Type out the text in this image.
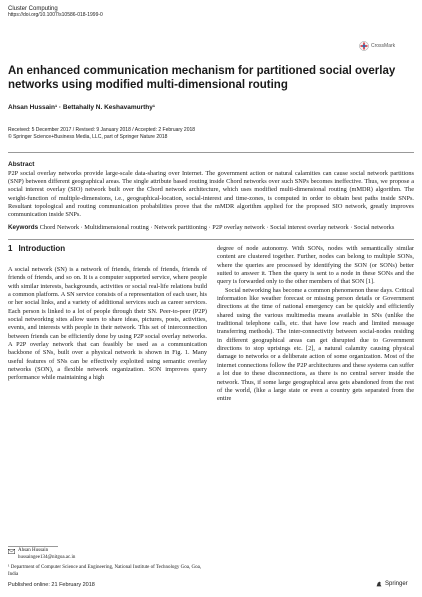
Cluster Computing
https://doi.org/10.1007/s10586-018-1999-0
CrossMark
An enhanced communication mechanism for partitioned social overlay networks using modified multi-dimensional routing
Ahsan Hussain¹ · Bettahally N. Keshavamurthy¹
Received: 5 December 2017 / Revised: 9 January 2018 / Accepted: 2 February 2018
© Springer Science+Business Media, LLC, part of Springer Nature 2018
Abstract
P2P social overlay networks provide large-scale data-sharing over Internet. The government action or natural calamities can cause social network partitions (SNP) between different geographical areas. The single attribute based routing inside Chord networks over such SNPs becomes ineffective. Thus, we propose a social interest overlay (SIO) network built over the Chord network architecture, which uses modified multi-dimensional routing (mMDR) algorithm. The weight-function of multiple-dimensions, i.e., geographical-location, social-interest and time-zones, is computed in order to obtain best paths inside SNPs. Resultant topological and routing communication probabilities prove that the mMDR algorithm applied for the proposed SIO network, greatly improves communication inside SNPs.
Keywords Chord Network · Multidimensional routing · Network partitioning · P2P overlay network · Social interest overlay network · Social networks
1 Introduction

A social network (SN) is a network of friends, friends of friends, friends of friends of friends, and so on. It is a computer supported service, where people with similar interests, backgrounds, activities or social real-life relations build a common platform. A SN service consists of a representation of each user, his or her social links, and a variety of additional services such as career services. Each person is linked to a lot of people through their SN. Peer-to-peer (P2P) social networking sites allow users to share ideas, pictures, posts, activities, events, and interests with people in their network. This set of interconnection between friends can be efficiently done by using P2P social overlay networks. A P2P overlay network that can feasibly be used as a communication backbone of SNs, built over a physical network is shown in Fig. 1. Many useful features of SNs can be effectively exploited using semantic overlay networks (SON), a flexible network organization. SON improves query performance while maintaining a high

degree of node autonomy. With SONs, nodes with semantically similar content are clustered together. Further, nodes can belong to multiple SONs, where the queries are processed by identifying the SON (or SONs) better suited to answer it. Then the query is sent to a node in these SONs and the query is forwarded only to the other members of that SON [1].

Social networking has become a common phenomenon these days. Critical information like weather forecast or missing person details or Government directions at the time of national emergency can be quickly and efficiently shared using the various multimedia means available in SNs (unlike the traditional telephone calls, etc. that have low reach and limited message transferring methods). The inter-connectivity between social-nodes residing in different geographical areas can get disrupted due to Government directions to stop uprisings etc. [2], a natural calamity causing physical damage to networks or a deliberate action of some organization. Most of the internet connections follow the P2P architectures and these systems can suffer a lot due to these disconnections, as there is no central server inside the network. Thus, if some large geographical area gets abandoned from the rest of the world, (like a large state or even a country gets separated from the entire

Ahsan Hussain
hussaingee134@nitgoa.ac.in
¹ Department of Computer Science and Engineering, National Institute of Technology Goa, Goa, India
Published online: 21 February 2018	Springer
